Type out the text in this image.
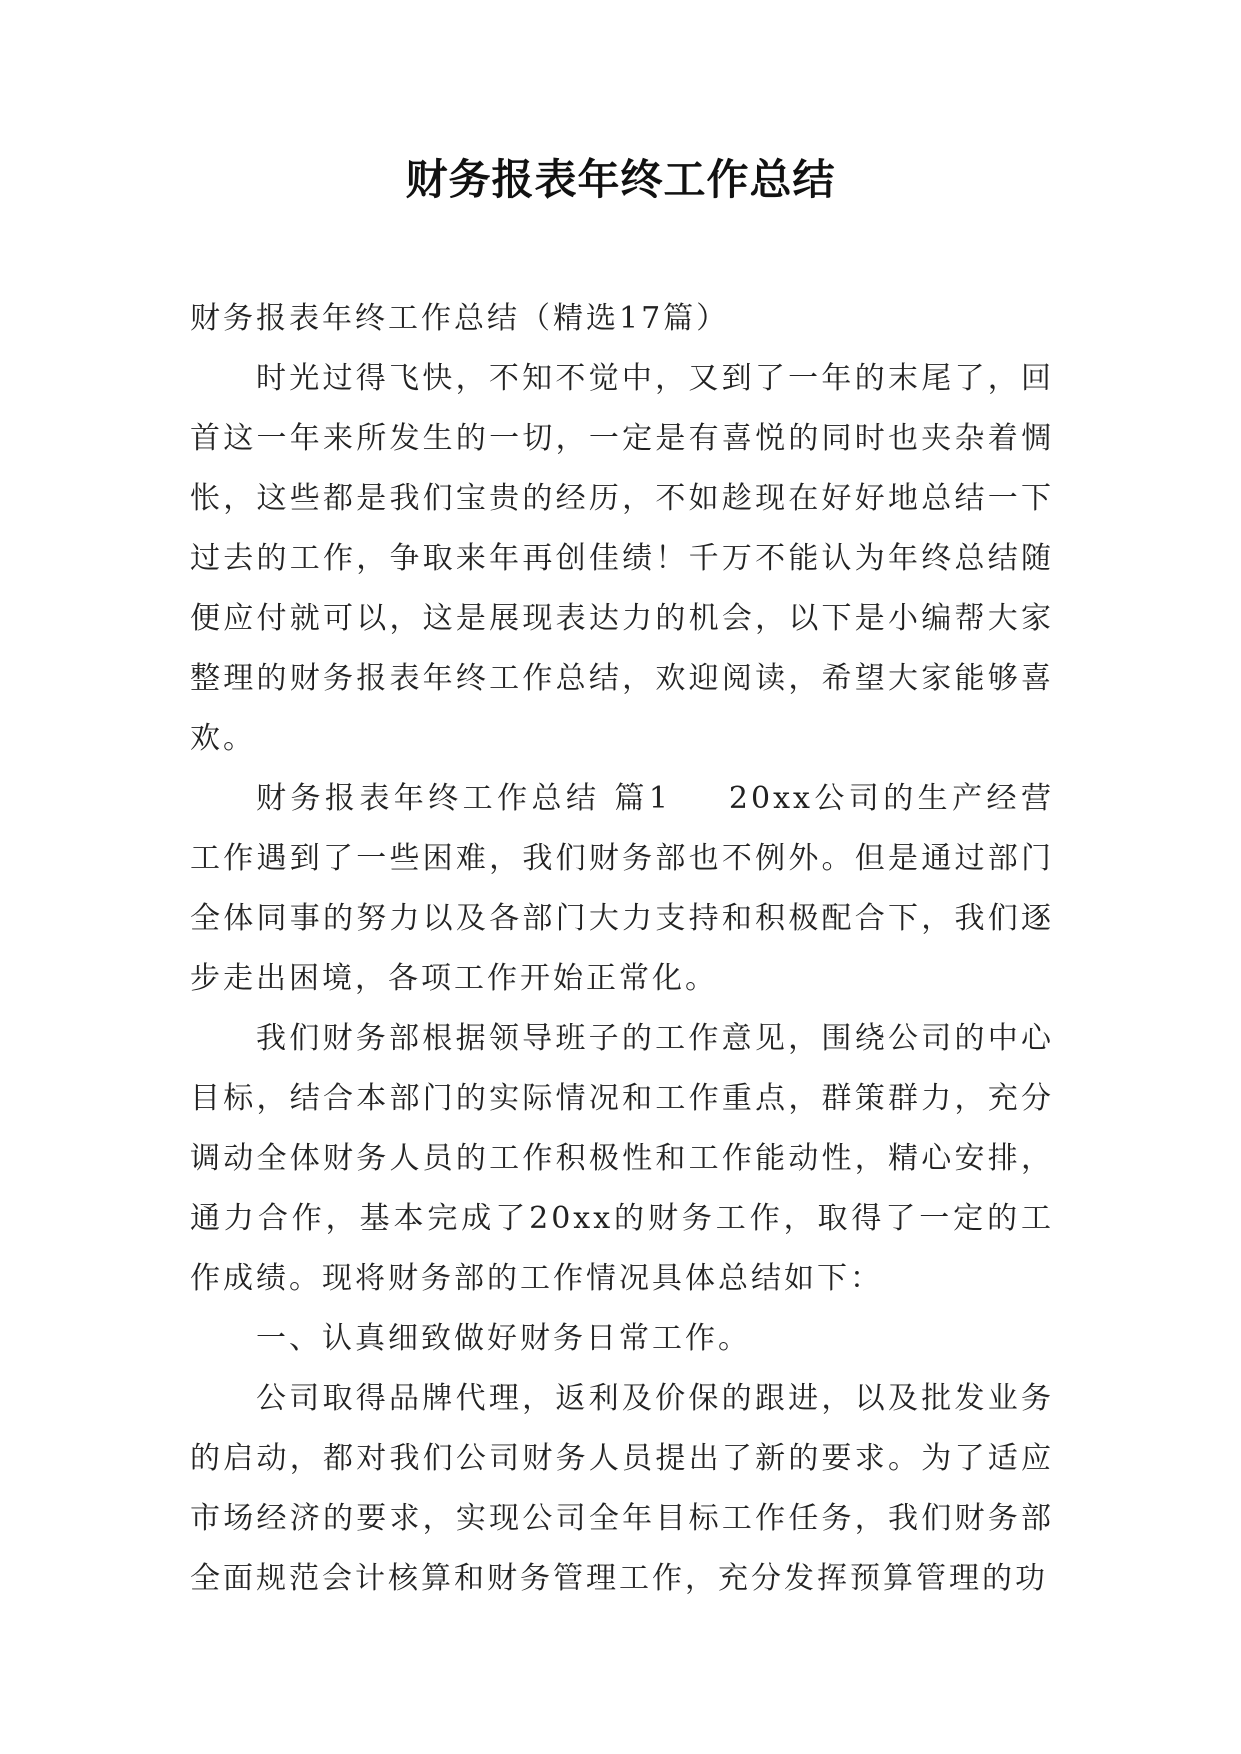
财务报表年终工作总结

财务报表年终工作总结（精选17篇）

时光过得飞快，不知不觉中，又到了一年的末尾了，回首这一年来所发生的一切，一定是有喜悦的同时也夹杂着惆怅，这些都是我们宝贵的经历，不如趁现在好好地总结一下过去的工作，争取来年再创佳绩！千万不能认为年终总结随便应付就可以，这是展现表达力的机会，以下是小编帮大家整理的财务报表年终工作总结，欢迎阅读，希望大家能够喜欢。

财务报表年终工作总结 篇1 20xx公司的生产经营工作遇到了一些困难，我们财务部也不例外。但是通过部门全体同事的努力以及各部门大力支持和积极配合下，我们逐步走出困境，各项工作开始正常化。

我们财务部根据领导班子的工作意见，围绕公司的中心目标，结合本部门的实际情况和工作重点，群策群力，充分调动全体财务人员的工作积极性和工作能动性，精心安排，通力合作，基本完成了20xx的财务工作，取得了一定的工作成绩。现将财务部的工作情况具体总结如下：

一、认真细致做好财务日常工作。

公司取得品牌代理，返利及价保的跟进，以及批发业务的启动，都对我们公司财务人员提出了新的要求。为了适应市场经济的要求，实现公司全年目标工作任务，我们财务部全面规范会计核算和财务管理工作，充分发挥预算管理的功
